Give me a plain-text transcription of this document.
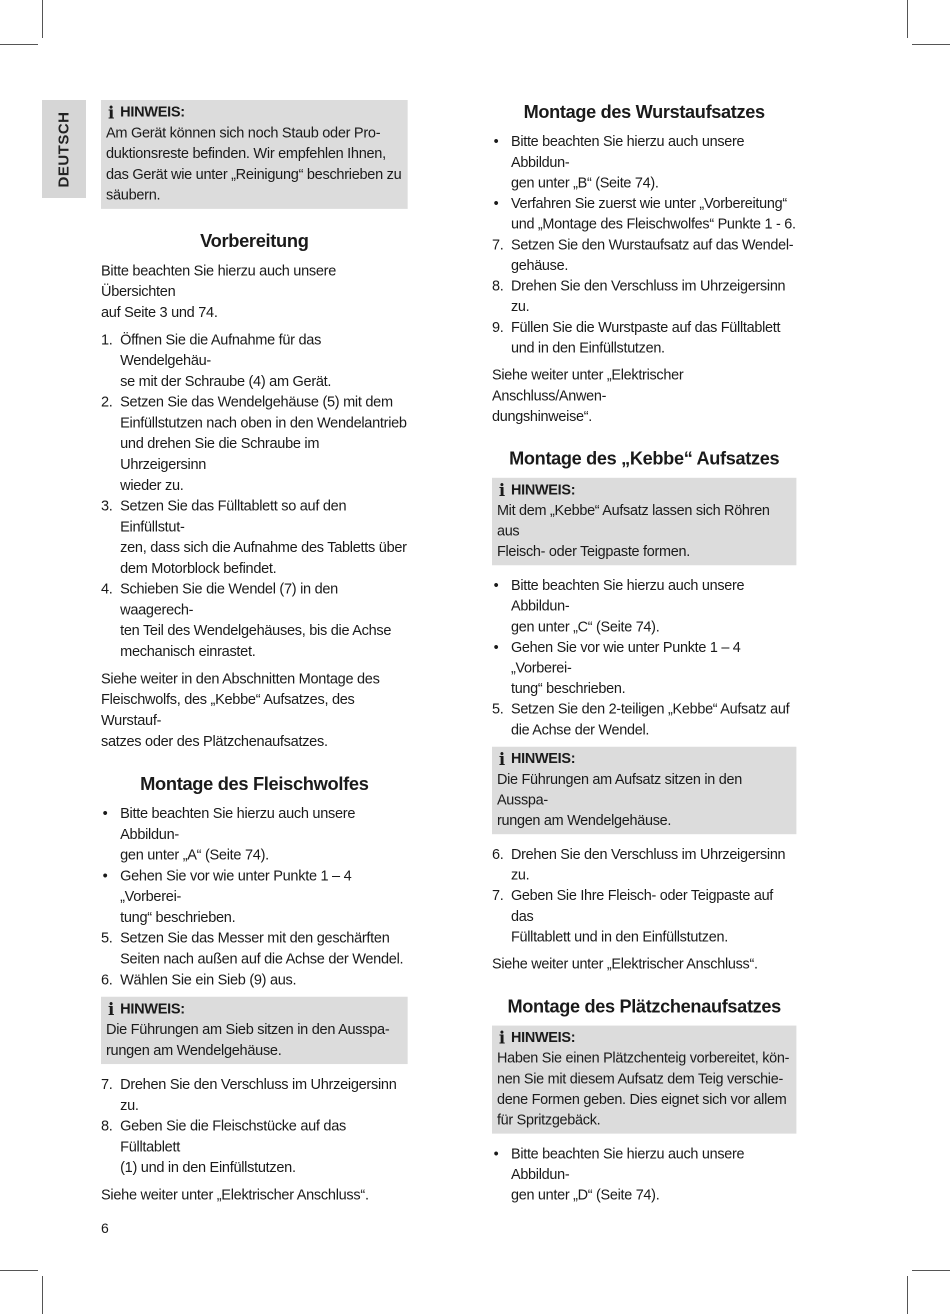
DEUTSCH i HINWEIS:
Am Gerät können sich noch Staub oder Pro-
duktionsreste befinden. Wir empfehlen Ihnen,
das Gerät wie unter „Reinigung“ beschrieben zu
säubern.

Vorbereitung

Bitte beachten Sie hierzu auch unsere Übersichten
auf Seite 3 und 74.

1. Öffnen Sie die Aufnahme für das Wendelgehäu-
se mit der Schraube (4) am Gerät.
2. Setzen Sie das Wendelgehäuse (5) mit dem
Einfüllstutzen nach oben in den Wendelantrieb
und drehen Sie die Schraube im Uhrzeigersinn
wieder zu.
3. Setzen Sie das Fülltablett so auf den Einfüllstut-
zen, dass sich die Aufnahme des Tabletts über
dem Motorblock befindet.
4. Schieben Sie die Wendel (7) in den waagerech-
ten Teil des Wendelgehäuses, bis die Achse
mechanisch einrastet.

Siehe weiter in den Abschnitten Montage des
Fleischwolfs, des „Kebbe“ Aufsatzes, des Wurstauf-
satzes oder des Plätzchenaufsatzes.

Montage des Fleischwolfes
• Bitte beachten Sie hierzu auch unsere Abbildun-
gen unter „A“ (Seite 74).
• Gehen Sie vor wie unter Punkte 1 – 4 „Vorberei-
tung“ beschrieben.
5. Setzen Sie das Messer mit den geschärften
Seiten nach außen auf die Achse der Wendel.
6. Wählen Sie ein Sieb (9) aus.
i HINWEIS:
Die Führungen am Sieb sitzen in den Ausspa-
rungen am Wendelgehäuse.

7. Drehen Sie den Verschluss im Uhrzeigersinn
zu.
8. Geben Sie die Fleischstücke auf das Fülltablett
(1) und in den Einfüllstutzen.

Siehe weiter unter „Elektrischer Anschluss“.

Montage des Wurstaufsatzes
• Bitte beachten Sie hierzu auch unsere Abbildun-
gen unter „B“ (Seite 74).
• Verfahren Sie zuerst wie unter „Vorbereitung“
und „Montage des Fleischwolfes“ Punkte 1 - 6.
7. Setzen Sie den Wurstaufsatz auf das Wendel-
gehäuse.
8. Drehen Sie den Verschluss im Uhrzeigersinn
zu.
9. Füllen Sie die Wurstpaste auf das Fülltablett
und in den Einfüllstutzen.

Siehe weiter unter „Elektrischer Anschluss/Anwen-
dungshinweise“.

Montage des „Kebbe“ Aufsatzes
i HINWEIS:
Mit dem „Kebbe“ Aufsatz lassen sich Röhren aus
Fleisch- oder Teigpaste formen.

• Bitte beachten Sie hierzu auch unsere Abbildun-
gen unter „C“ (Seite 74).
• Gehen Sie vor wie unter Punkte 1 – 4 „Vorberei-
tung“ beschrieben.
5. Setzen Sie den 2-teiligen „Kebbe“ Aufsatz auf
die Achse der Wendel.
i HINWEIS:
Die Führungen am Aufsatz sitzen in den Ausspa-
rungen am Wendelgehäuse.

6. Drehen Sie den Verschluss im Uhrzeigersinn
zu.
7. Geben Sie Ihre Fleisch- oder Teigpaste auf das
Fülltablett und in den Einfüllstutzen.

Siehe weiter unter „Elektrischer Anschluss“.

Montage des Plätzchenaufsatzes
i HINWEIS:
Haben Sie einen Plätzchenteig vorbereitet, kön-
nen Sie mit diesem Aufsatz dem Teig verschie-
dene Formen geben. Dies eignet sich vor allem
für Spritzgebäck.

• Bitte beachten Sie hierzu auch unsere Abbildun-
gen unter „D“ (Seite 74).
6
